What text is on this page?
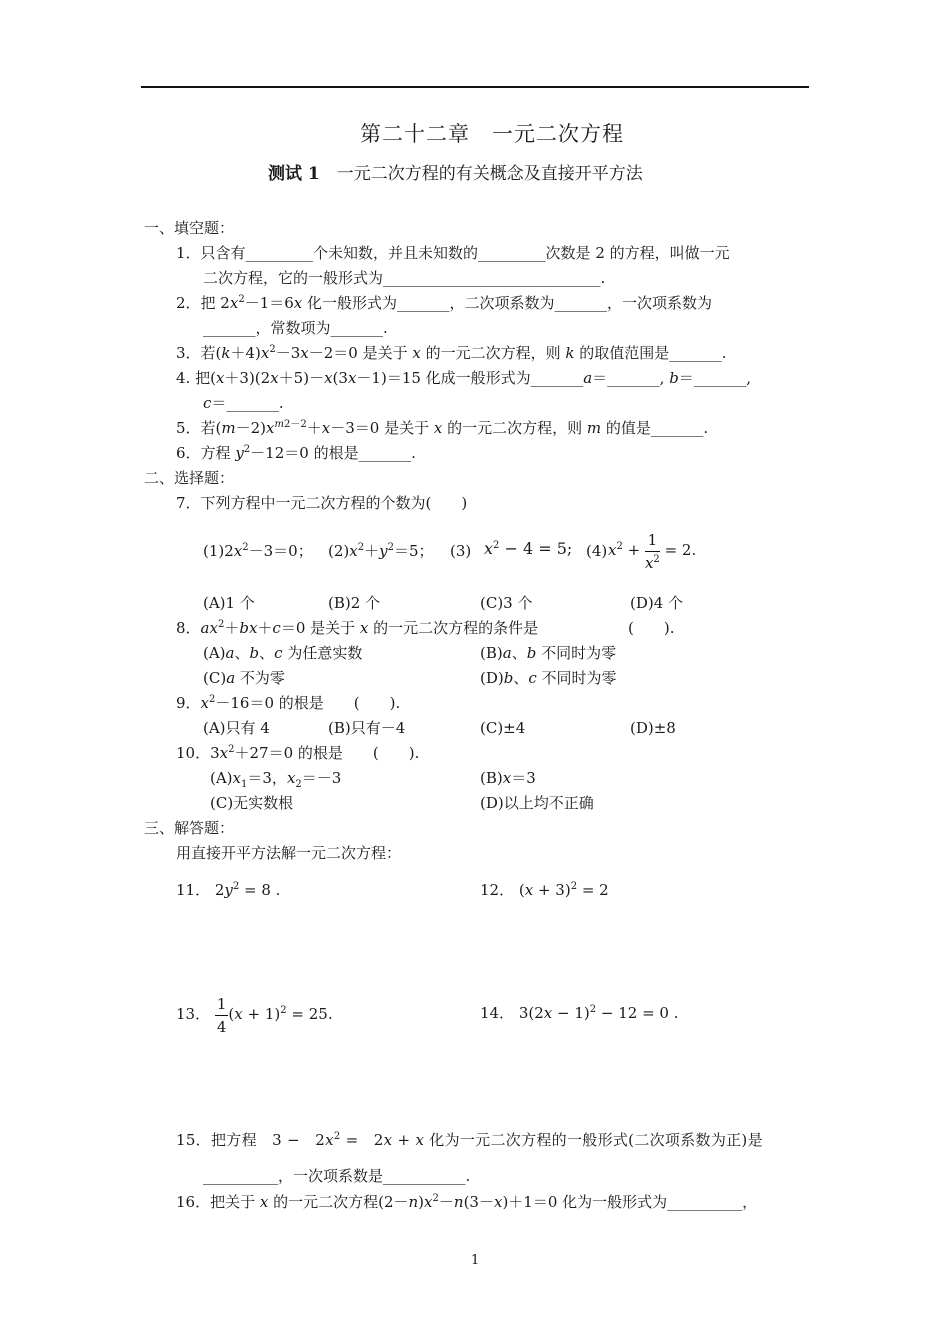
第二十二章　一元二次方程
测试 1　 一元二次方程的有关概念及直接开平方法
一、填空题：
1．只含有_________个未知数，并且未知数的_________次数是 2 的方程，叫做一元
二次方程，它的一般形式为_____________________________.
2．把 $2x^2-1=6x$ 化一般形式为_______，二次项系数为_______，一次项系数为
_______，常数项为_______.
3．若$(k+4)x^2-3x-2=0$ 是关于 x 的一元二次方程，则 k 的取值范围是_______.
4. 把(x＋3)(2x＋5)－x(3x－1)＝15 化成一般形式为_______a＝_______, b＝_______,
c＝_______.
5．若$(m-2)x^{m2-2}+x-3=0$ 是关于 x 的一元二次方程，则 m 的值是_______.
6．方程 $y^2-12=0$ 的根是_______.
二、选择题：
7．下列方程中一元二次方程的个数为(　　)
$(1)2x^2-3=0$； $(2)x^2+y^2=5$； (3) $x^2 - 4 = 5$; (4) $x^2 + \frac{1}{x^2} = 2$.
(A)1 个	(B)2 个	(C)3 个	(D)4 个
8．$ax^2+bx+c=0$ 是关于 x 的一元二次方程的条件是	(　　).
(A)a、b、c 为任意实数	(B)a、b 不同时为零
(C)a 不为零	(D)b、c 不同时为零
9．$x^2-16=0$ 的根是　　(　　).
(A)只有 4	(B)只有－4	(C)±4	(D)±8
10．$3x^2+27=0$ 的根是　　(　　).
$(A)x_1=3$，$x_2=-3$	(B)x＝3
(C)无实数根	(D)以上均不正确
三、解答题：
用直接开平方法解一元二次方程：
11． $2y^2 = 8$ .	12． $(x + 3)^2 = 2$
13． $\frac{1}{4} (x + 1)^2 = 25$.	14． $3(2x - 1)^2 - 12 = 0$ .
15．把方程　3 −　$2x^2$ =　2x + x 化为一元二次方程的一般形式(二次项系数为正)是
__________，一次项系数是___________.
16．把关于 x 的一元二次方程$(2-n)x^2-n(3-x)+1=0$ 化为一般形式为__________，
1
